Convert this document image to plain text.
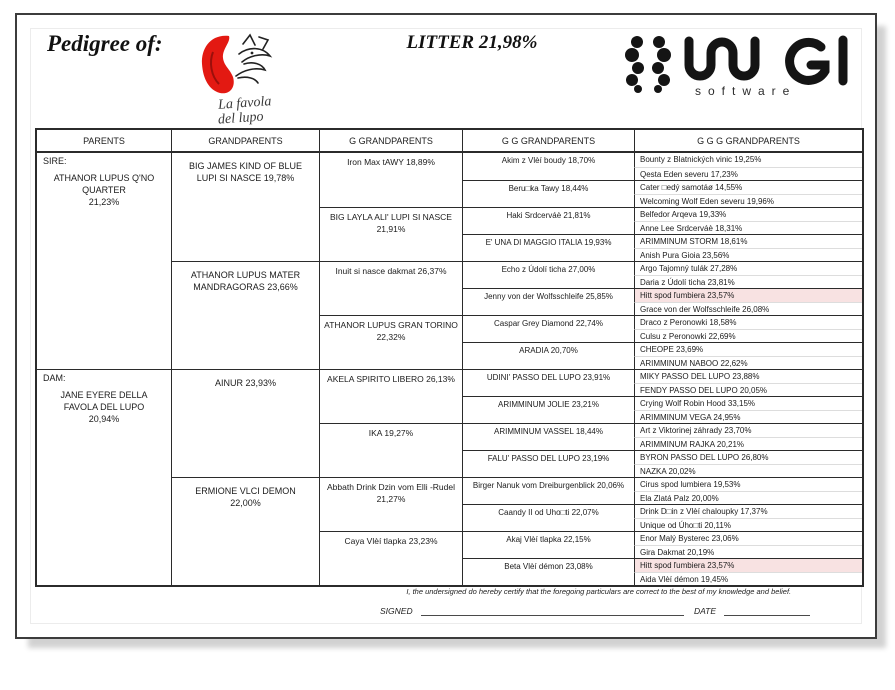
Pedigree of:
La favola
del lupo
LITTER 21,98%
software
PARENTS	GRANDPARENTS	G GRANDPARENTS	G G GRANDPARENTS	G G G GRANDPARENTS
SIRE:
ATHANOR LUPUS Q'NO QUARTER
21,23%
BIG JAMES KIND OF BLUE LUPI SI NASCE 19,78%
Iron Max tAWY 18,89%	Akim z Vlèí boudy 18,70%	Bounty z Blatnických vinic 19,25%
Qesta Eden severu 17,23%
Beru□ka Tawy 18,44%	Cater □edý samotáø 14,55%
Welcoming Wolf Eden severu 19,96%
BIG LAYLA ALI' LUPI SI NASCE 21,91%
Haki Srdcerváè 21,81%	Belfedor Arqeva 19,33%
Anne Lee Srdcerváè 18,31%
E' UNA DI MAGGIO ITALIA 19,93%	ARIMMINUM STORM 18,61%
Anish Pura Gioia 23,56%
ATHANOR LUPUS MATER MANDRAGORAS 23,66%
Inuit si nasce dakmat 26,37%	Echo z Údolí ticha 27,00%	Argo Tajomný tulák 27,28%
Daria z Údolí ticha 23,81%
Jenny von der Wolfsschleife 25,85%	Hitt spod ľumbiera 23,57%
Grace von der Wolfsschleife 26,08%
ATHANOR LUPUS GRAN TORINO 22,32%
Caspar Grey Diamond 22,74%	Draco z Peronowki 18,58%
Culsu z Peronowki 22,69%
ARADIA 20,70%	CHEOPE 23,69%
ARIMMINUM NABOO 22,62%
DAM:
JANE EYERE DELLA FAVOLA DEL LUPO
20,94%
AINUR 23,93%	AKELA SPIRITO LIBERO 26,13%	UDINI' PASSO DEL LUPO 23,91%	MIKY PASSO DEL LUPO 23,88%
FENDY PASSO DEL LUPO 20,05%
ARIMMINUM JOLIE 23,21%	Crying Wolf Robin Hood 33,15%
ARIMMINUM VEGA 24,95%
IKA 19,27%	ARIMMINUM VASSEL 18,44%	Art z Viktorinej záhrady 23,70%
ARIMMINUM RAJKA 20,21%
FALU' PASSO DEL LUPO 23,19%	BYRON PASSO DEL LUPO 26,80%
NAZKA 20,02%
ERMIONE VLCI DEMON 22,00%
Abbath Drink Dzin vom Elli -Rudel 21,27%
Birger Nanuk vom Dreiburgenblick 20,06%	Cirus spod lumbiera 19,53%
Ela Zlatá Palz 20,00%
Caandy II od Uho□ti 22,07%	Drink D□in z Vlèí chaloupky 17,37%
Unique od Úho□ti 20,11%
Caya Vlèí tlapka 23,23%	Akaj Vlèí tlapka 22,15%	Enor Malý Bysterec 23,06%
Gira Dakmat 20,19%
Beta Vlèí démon 23,08%	Hitt spod ľumbiera 23,57%
Aida Vlèí démon 19,45%
I, the undersigned do hereby certify that the foregoing particulars are correct to the best of my knowledge and belief.
SIGNED	DATE
